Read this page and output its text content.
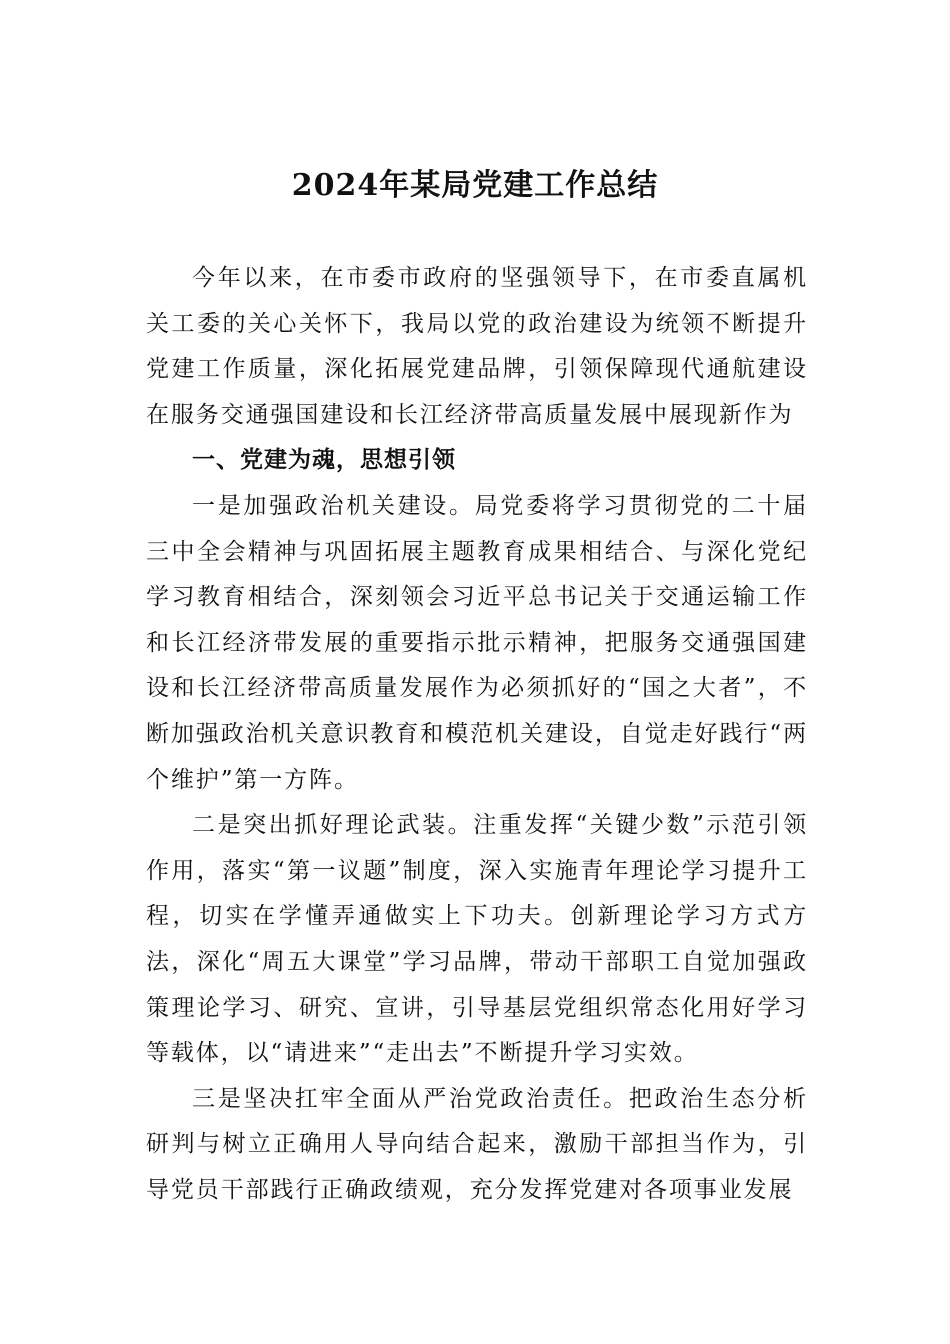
2024年某局党建工作总结

今年以来，在市委市政府的坚强领导下，在市委直属机关工委的关心关怀下，我局以党的政治建设为统领不断提升党建工作质量，深化拓展党建品牌，引领保障现代通航建设在服务交通强国建设和长江经济带高质量发展中展现新作为

一、党建为魂，思想引领

一是加强政治机关建设。局党委将学习贯彻党的二十届三中全会精神与巩固拓展主题教育成果相结合、与深化党纪学习教育相结合，深刻领会习近平总书记关于交通运输工作和长江经济带发展的重要指示批示精神，把服务交通强国建设和长江经济带高质量发展作为必须抓好的“国之大者”，不断加强政治机关意识教育和模范机关建设，自觉走好践行“两个维护”第一方阵。

二是突出抓好理论武装。注重发挥“关键少数”示范引领作用，落实“第一议题”制度，深入实施青年理论学习提升工程，切实在学懂弄通做实上下功夫。创新理论学习方式方法，深化“周五大课堂”学习品牌，带动干部职工自觉加强政策理论学习、研究、宣讲，引导基层党组织常态化用好学习等载体，以“请进来”“走出去”不断提升学习实效。

三是坚决扛牢全面从严治党政治责任。把政治生态分析研判与树立正确用人导向结合起来，激励干部担当作为，引导党员干部践行正确政绩观，充分发挥党建对各项事业发展
